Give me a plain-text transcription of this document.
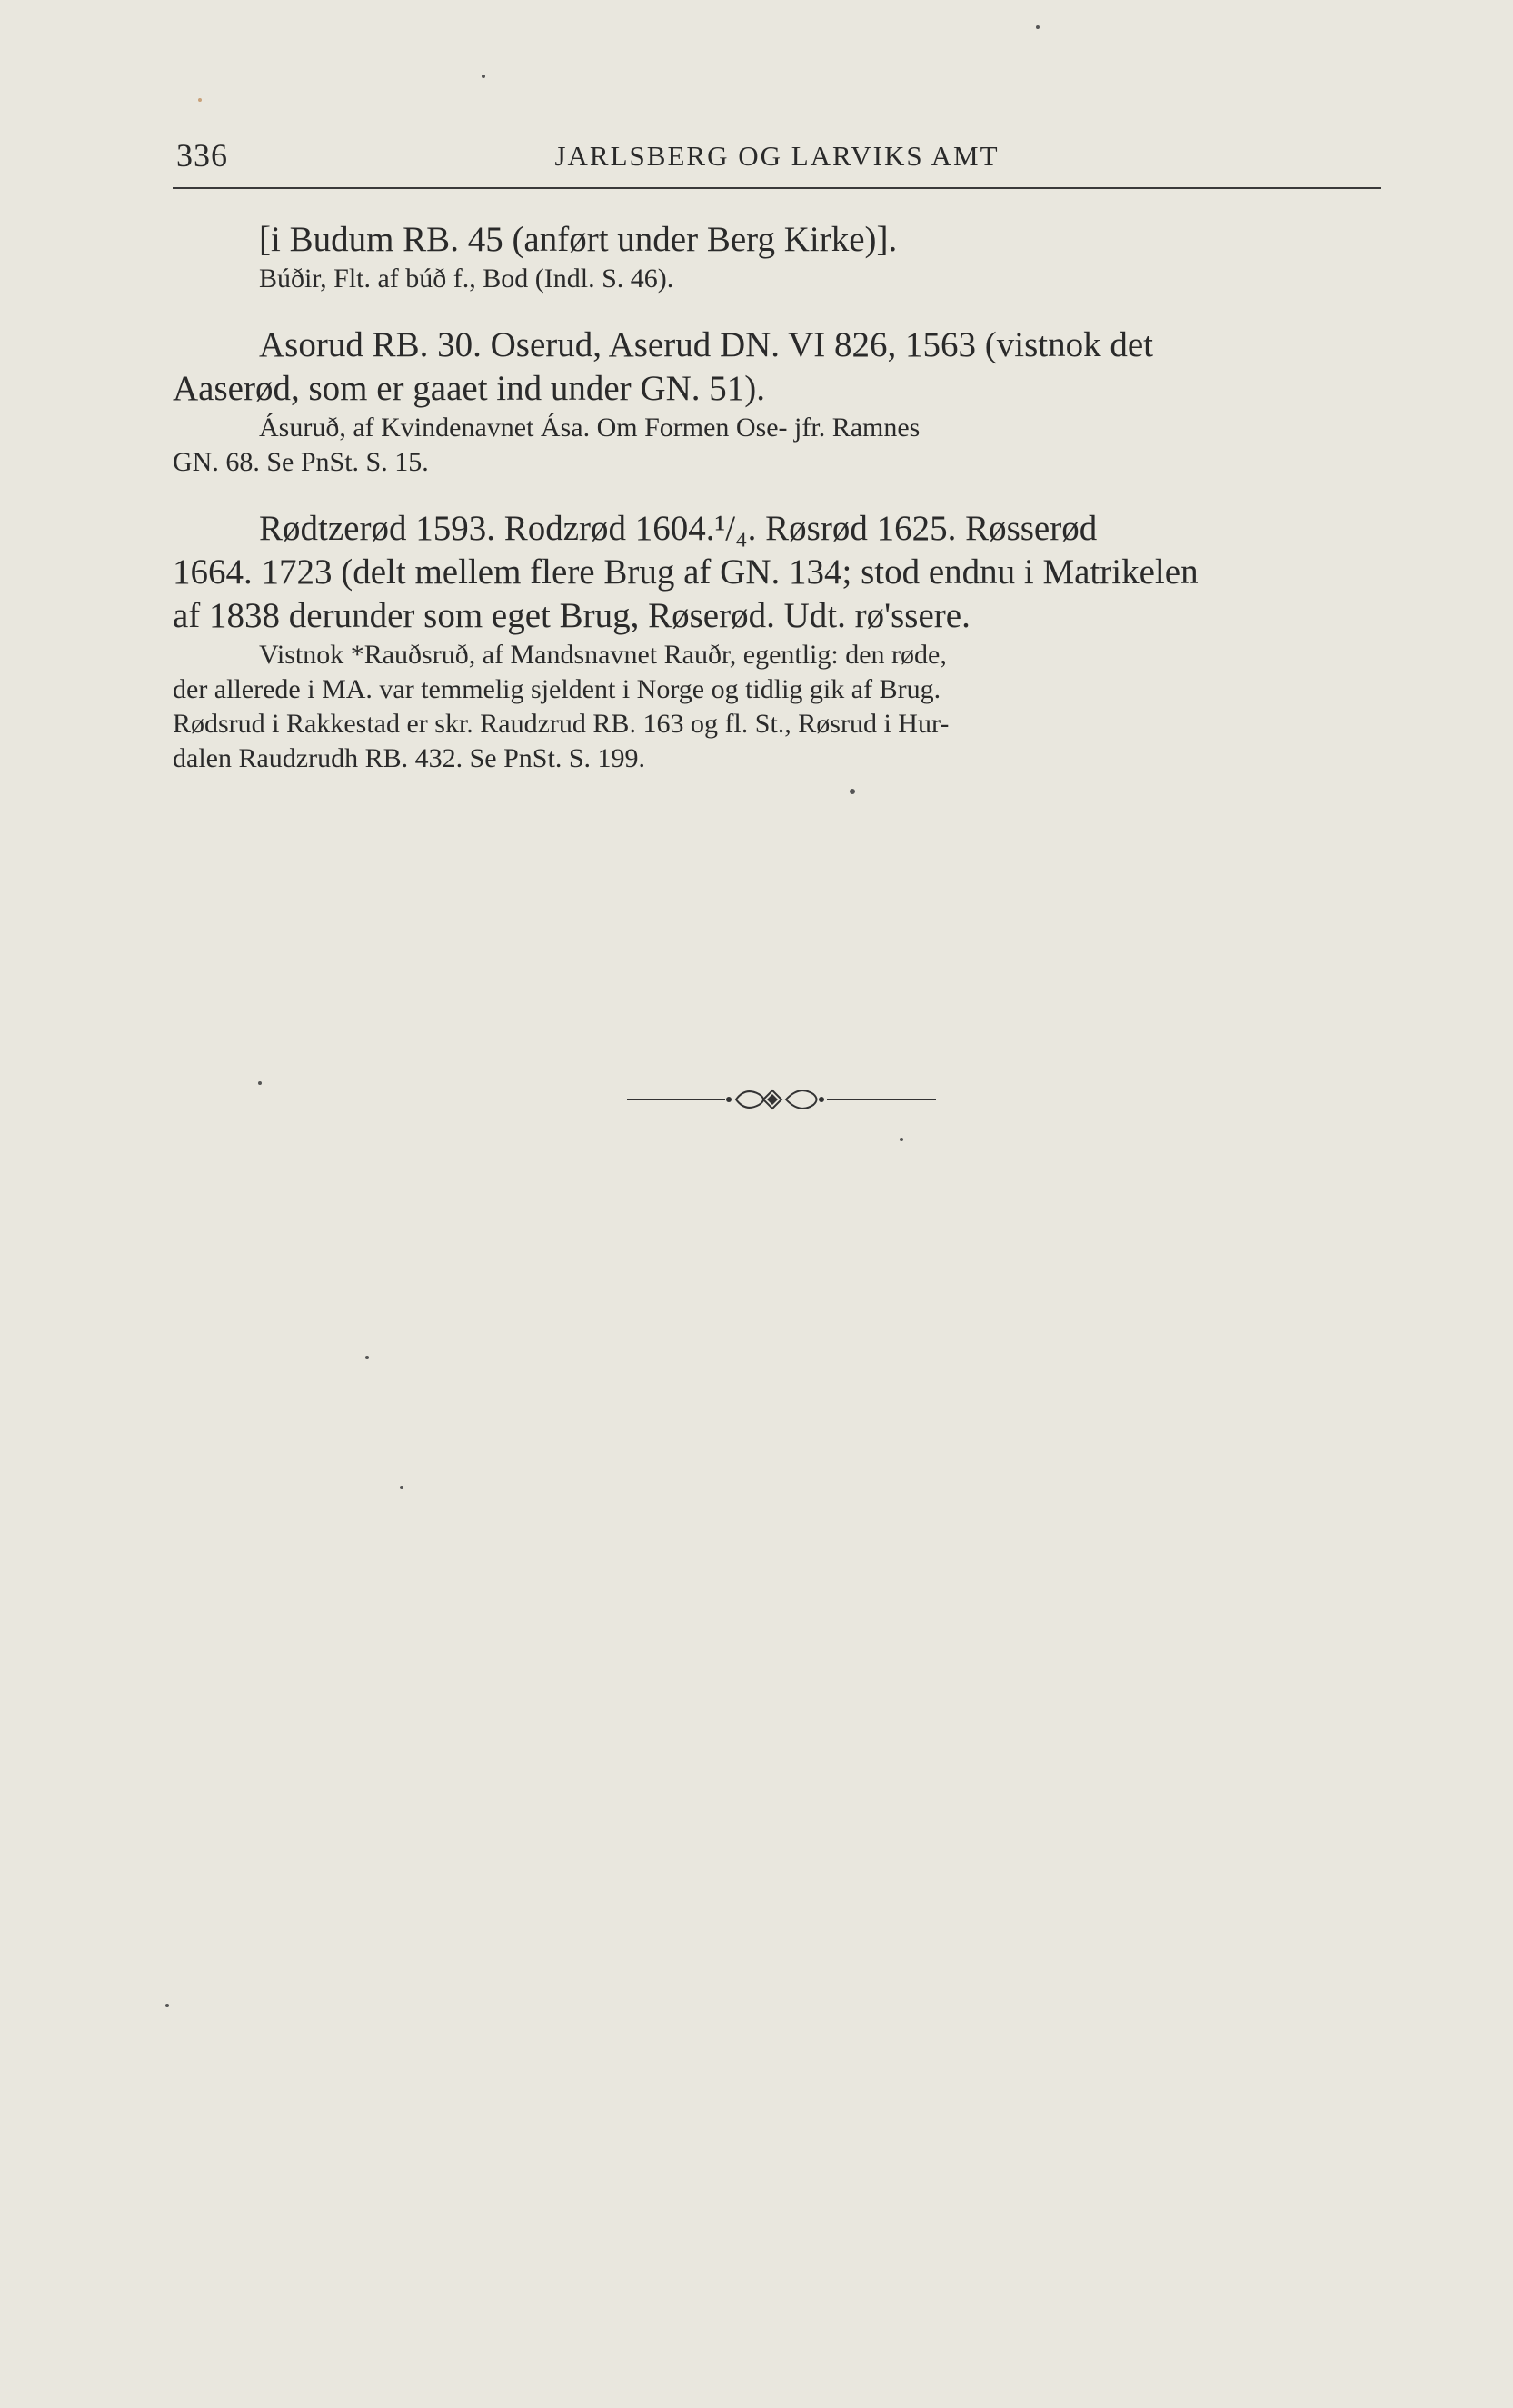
336	JARLSBERG OG LARVIKS AMT
[i Budum RB. 45 (anført under Berg Kirke)].
Búðir, Flt. af búð f., Bod (Indl. S. 46).
Asorud RB. 30. Oserud, Aserud DN. VI 826, 1563 (vistnok det
Aaserød, som er gaaet ind under GN. 51).
Ásuruð, af Kvindenavnet Ása. Om Formen Ose- jfr. Ramnes
GN. 68. Se PnSt. S. 15.
Rødtzerød 1593. Rodzrød 1604.¹/₄. Røsrød 1625. Røsserød
1664. 1723 (delt mellem flere Brug af GN. 134; stod endnu i Matrikelen
af 1838 derunder som eget Brug, Røserød. Udt. rø'ssere.
Vistnok *Rauðsruð, af Mandsnavnet Rauðr, egentlig: den røde,
der allerede i MA. var temmelig sjeldent i Norge og tidlig gik af Brug.
Rødsrud i Rakkestad er skr. Raudzrud RB. 163 og fl. St., Røsrud i Hur-
dalen Raudzrudh RB. 432. Se PnSt. S. 199.
